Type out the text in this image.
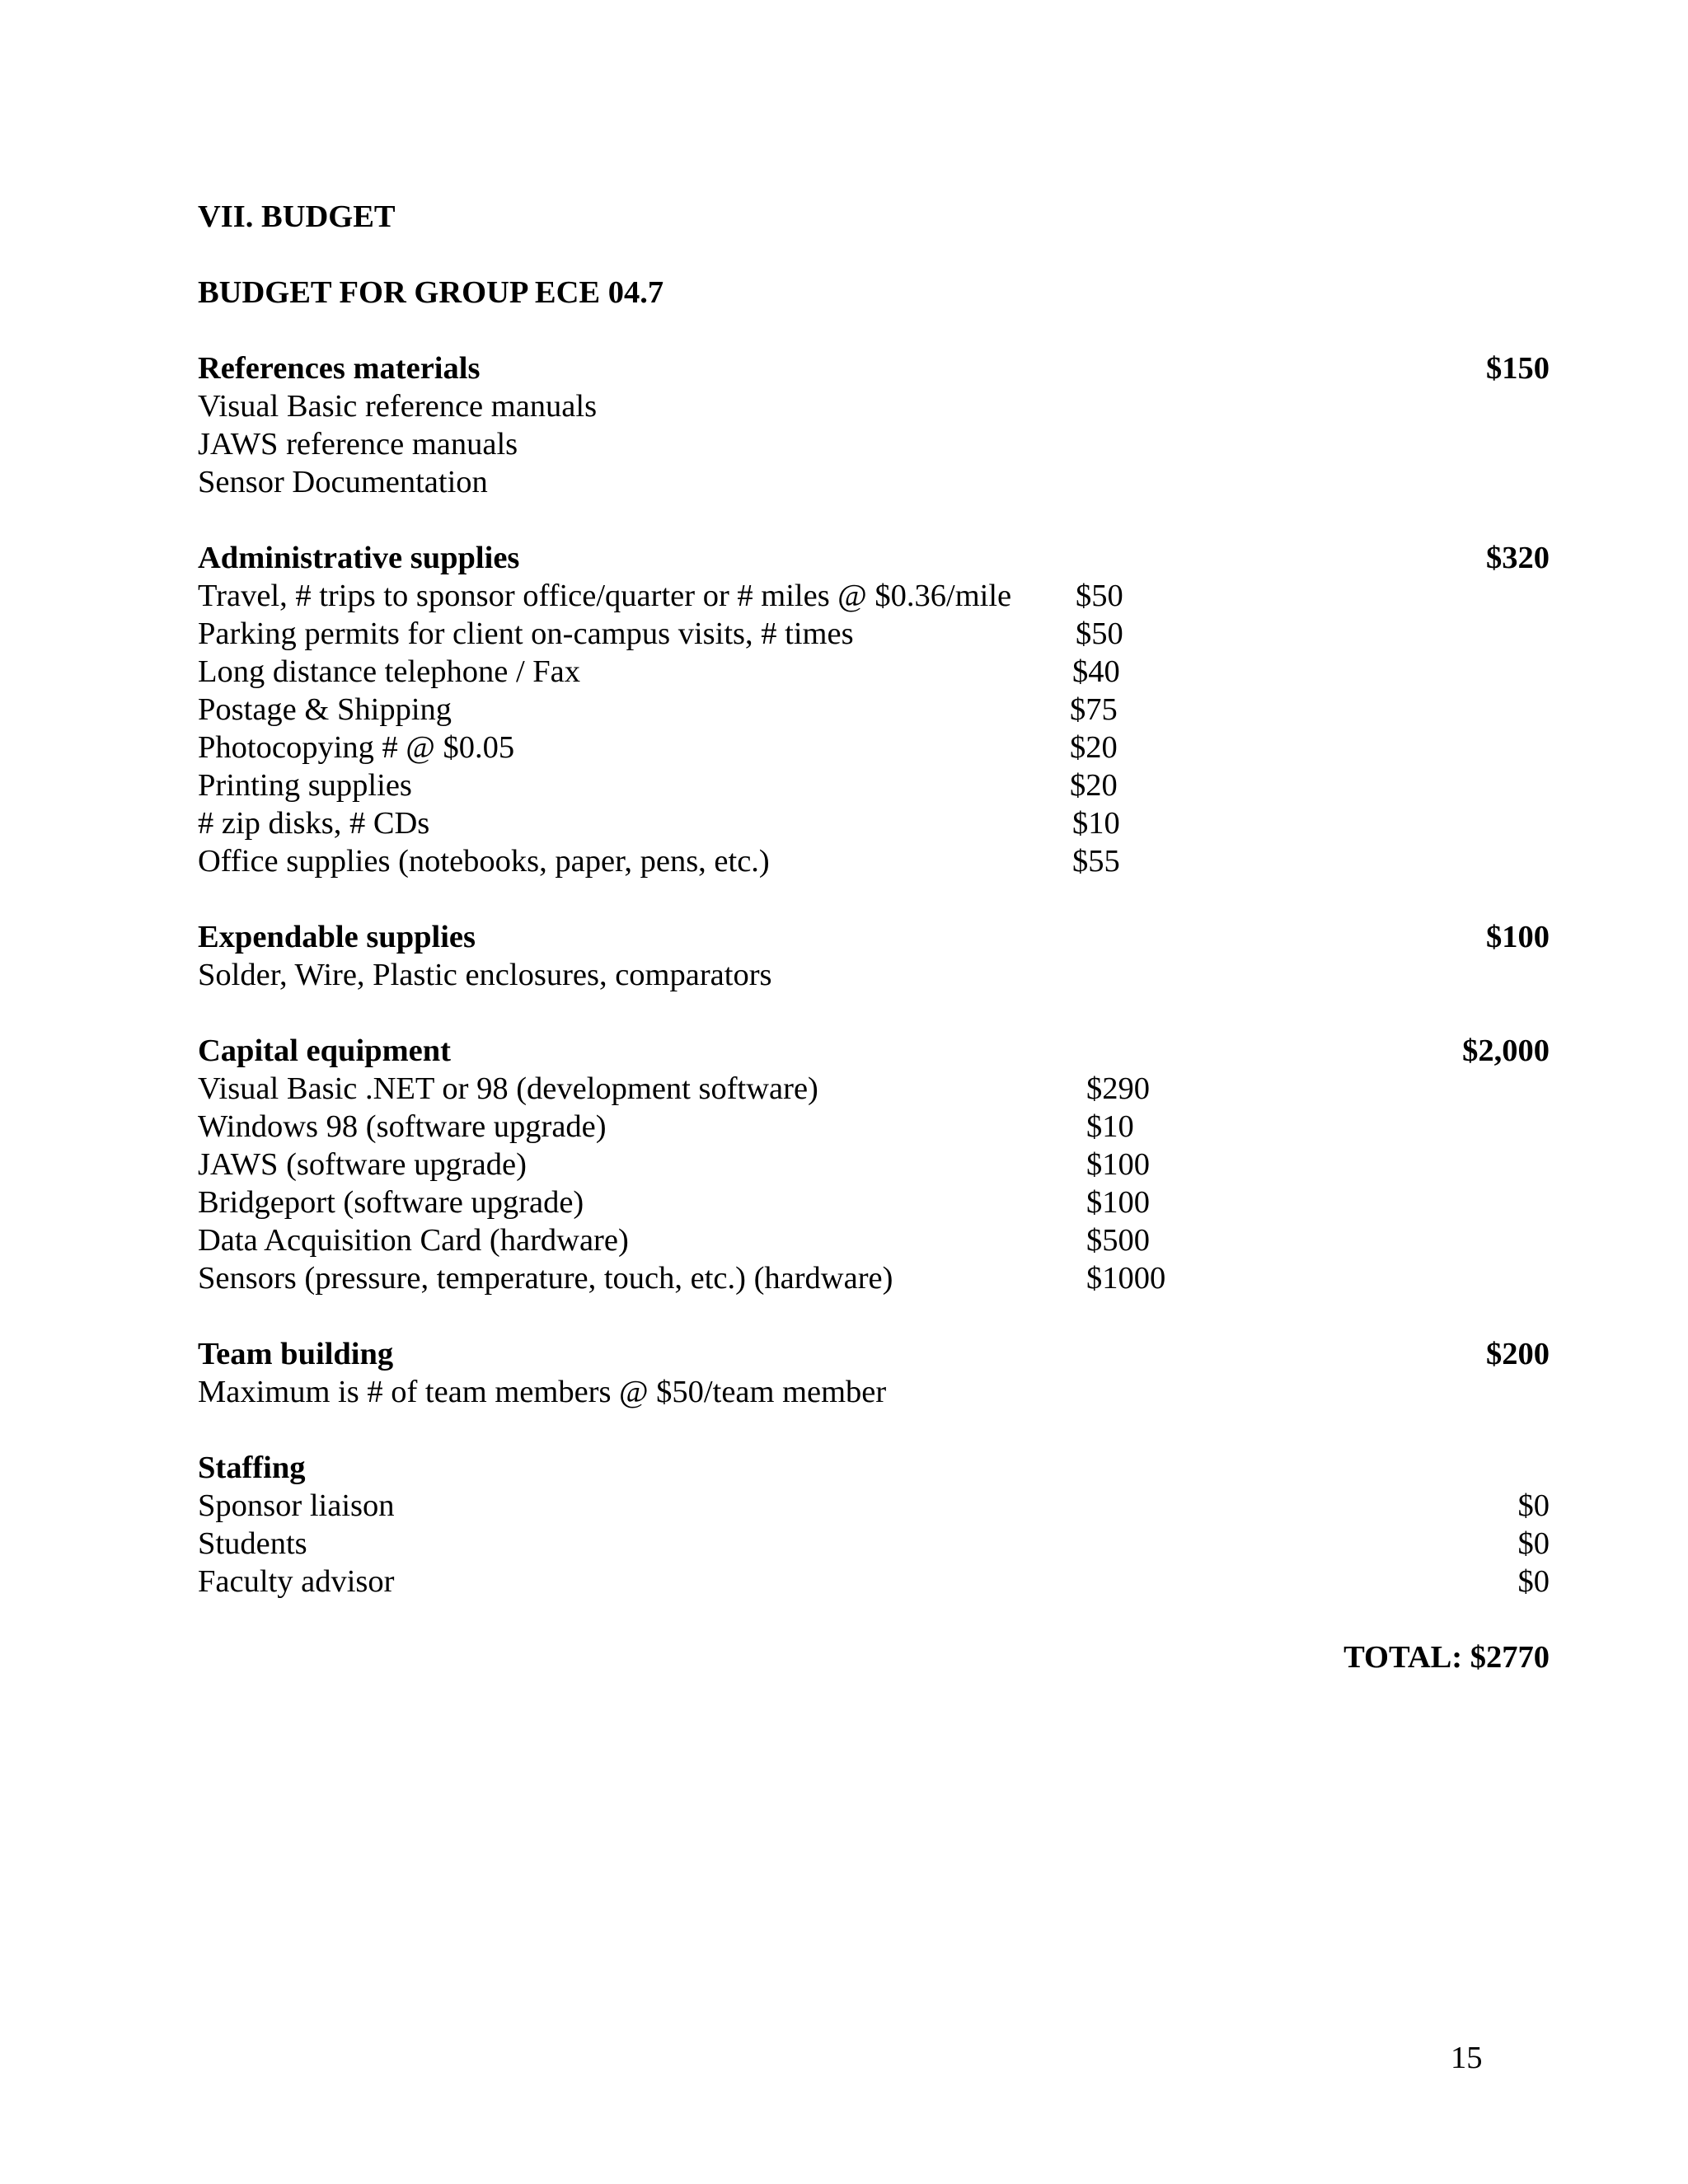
VII. BUDGET
BUDGET FOR GROUP ECE 04.7
References materials	$150
Visual Basic reference manuals
JAWS reference manuals
Sensor Documentation
Administrative supplies	$320
Travel, # trips to sponsor office/quarter or # miles @ $0.36/mile $50
Parking permits for client on-campus visits, # times	$50
Long distance telephone / Fax	$40
Postage & Shipping	$75
Photocopying # @ $0.05	$20
Printing supplies	$20
# zip disks, # CDs	$10
Office supplies (notebooks, paper, pens, etc.)	$55
Expendable supplies	$100
Solder, Wire, Plastic enclosures, comparators
Capital equipment	$2,000
Visual Basic .NET or 98 (development software)	$290
Windows 98 (software upgrade)	$10
JAWS (software upgrade)	$100
Bridgeport (software upgrade)	$100
Data Acquisition Card (hardware)	$500
Sensors (pressure, temperature, touch, etc.) (hardware)	$1000
Team building	$200
Maximum is # of team members @ $50/team member
Staffing
Sponsor liaison	$0
Students	$0
Faculty advisor	$0
TOTAL: $2770
15
